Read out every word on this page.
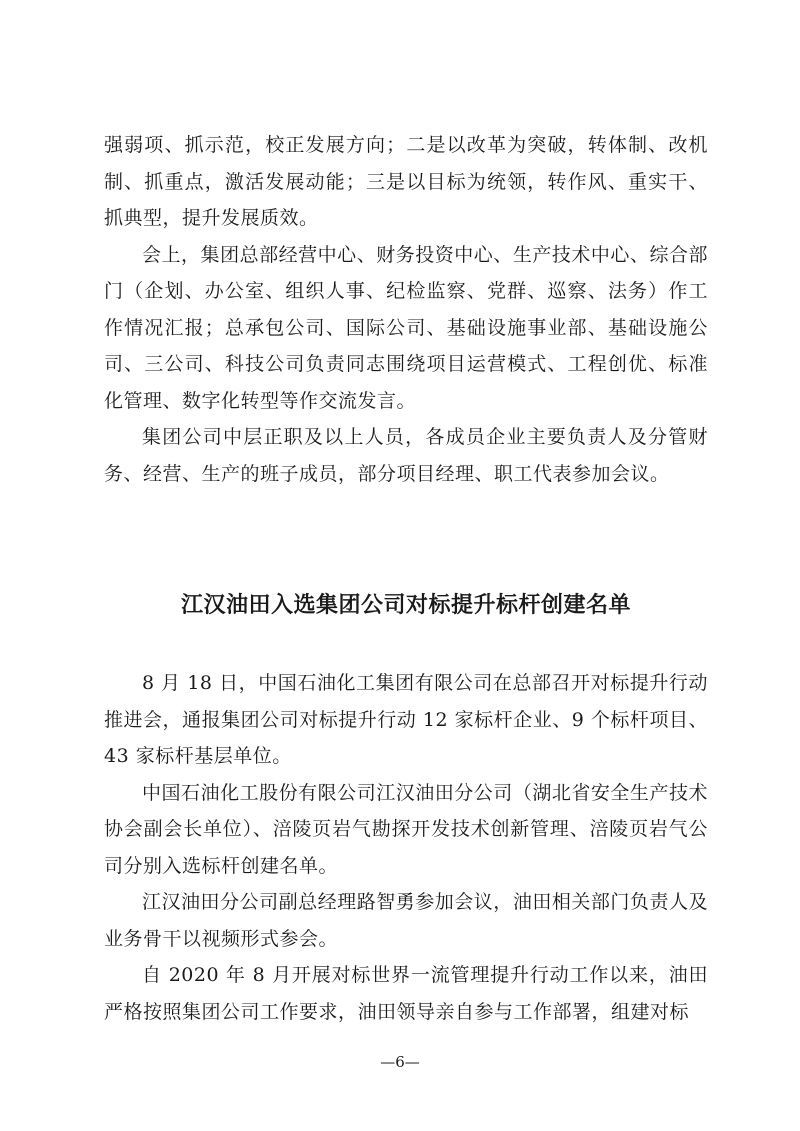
强弱项、抓示范，校正发展方向；二是以改革为突破，转体制、改机制、抓重点，激活发展动能；三是以目标为统领，转作风、重实干、抓典型，提升发展质效。

会上，集团总部经营中心、财务投资中心、生产技术中心、综合部门（企划、办公室、组织人事、纪检监察、党群、巡察、法务）作工作情况汇报；总承包公司、国际公司、基础设施事业部、基础设施公司、三公司、科技公司负责同志围绕项目运营模式、工程创优、标准化管理、数字化转型等作交流发言。

集团公司中层正职及以上人员，各成员企业主要负责人及分管财务、经营、生产的班子成员，部分项目经理、职工代表参加会议。

江汉油田入选集团公司对标提升标杆创建名单

8 月 18 日，中国石油化工集团有限公司在总部召开对标提升行动推进会，通报集团公司对标提升行动 12 家标杆企业、9 个标杆项目、43 家标杆基层单位。

中国石油化工股份有限公司江汉油田分公司（湖北省安全生产技术协会副会长单位）、涪陵页岩气勘探开发技术创新管理、涪陵页岩气公司分别入选标杆创建名单。

江汉油田分公司副总经理路智勇参加会议，油田相关部门负责人及业务骨干以视频形式参会。

自 2020 年 8 月开展对标世界一流管理提升行动工作以来，油田严格按照集团公司工作要求，油田领导亲自参与工作部署，组建对标

—6—
